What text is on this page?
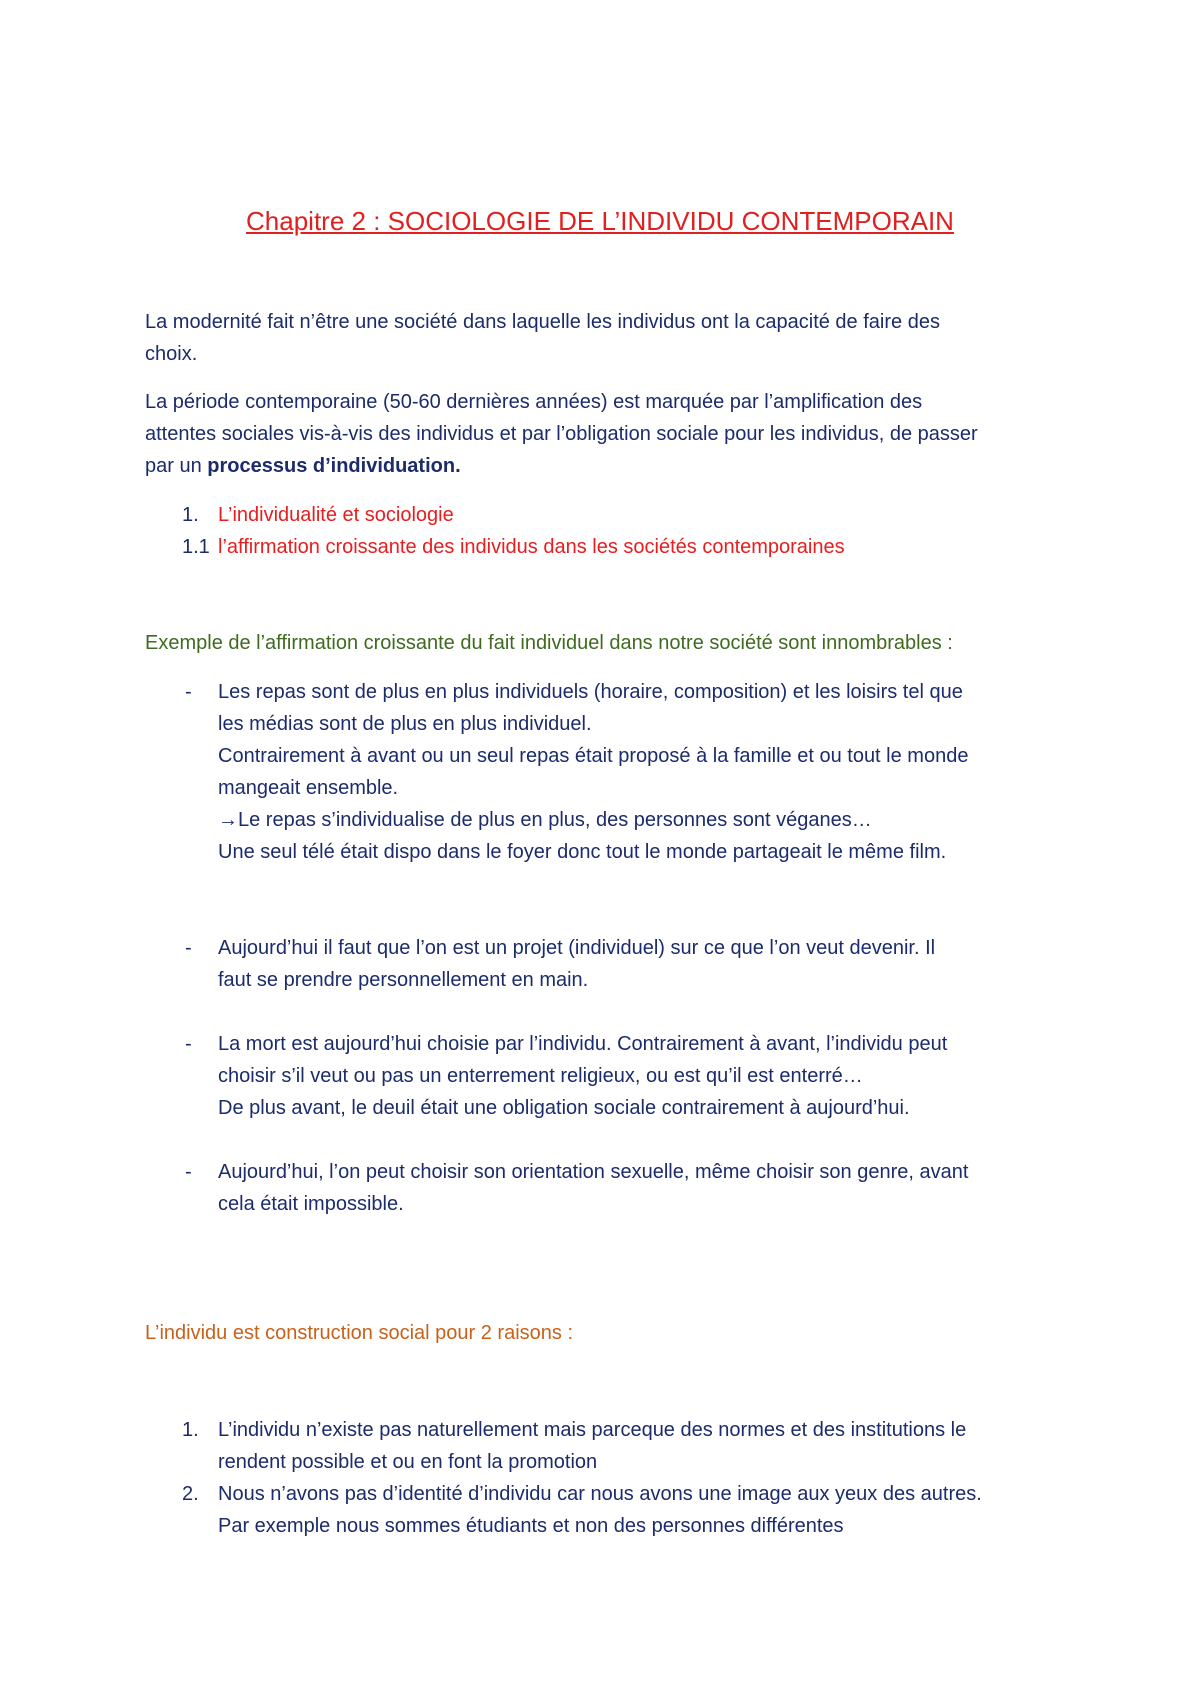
Chapitre 2 : SOCIOLOGIE DE L’INDIVIDU CONTEMPORAIN
La modernité fait n’être une société dans laquelle les individus ont la capacité de faire des
choix.
La période contemporaine (50-60 dernières années) est marquée par l’amplification des
attentes sociales vis-à-vis des individus et par l’obligation sociale pour les individus, de passer
par un processus d’individuation.
1. L’individualité et sociologie
1.1 l’affirmation croissante des individus dans les sociétés contemporaines
Exemple de l’affirmation croissante du fait individuel dans notre société sont innombrables :
- Les repas sont de plus en plus individuels (horaire, composition) et les loisirs tel que
les médias sont de plus en plus individuel.
Contrairement à avant ou un seul repas était proposé à la famille et ou tout le monde
mangeait ensemble.
→Le repas s’individualise de plus en plus, des personnes sont véganes…
Une seul télé était dispo dans le foyer donc tout le monde partageait le même film.
- Aujourd’hui il faut que l’on est un projet (individuel) sur ce que l’on veut devenir. Il
faut se prendre personnellement en main.
- La mort est aujourd’hui choisie par l’individu. Contrairement à avant, l’individu peut
choisir s’il veut ou pas un enterrement religieux, ou est qu’il est enterré…
De plus avant, le deuil était une obligation sociale contrairement à aujourd’hui.
- Aujourd’hui, l’on peut choisir son orientation sexuelle, même choisir son genre, avant
cela était impossible.
L’individu est construction social pour 2 raisons :
1. L’individu n’existe pas naturellement mais parceque des normes et des institutions le
rendent possible et ou en font la promotion
2. Nous n’avons pas d’identité d’individu car nous avons une image aux yeux des autres.
Par exemple nous sommes étudiants et non des personnes différentes
